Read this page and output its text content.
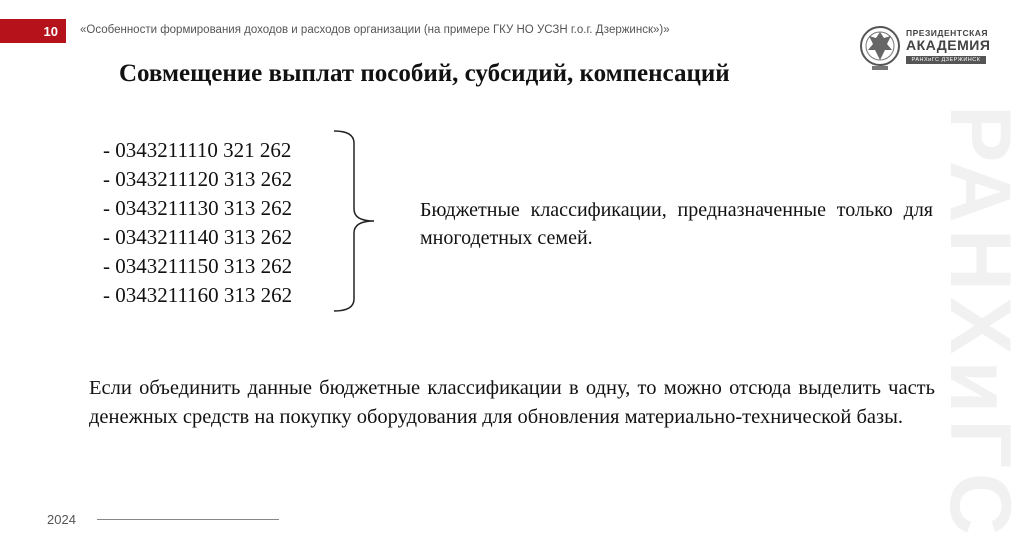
10 «Особенности формирования доходов и расходов организации (на примере ГКУ НО УСЗН г.о.г. Дзержинск»)»	ПРЕЗИДЕНТСКАЯ
АКАДЕМИЯ
РАНХиГС ДЗЕРЖИНСК
Совмещение выплат пособий, субсидий, компенсаций
- 0343211110 321 262
- 0343211120 313 262
- 0343211130 313 262
- 0343211140 313 262
- 0343211150 313 262
- 0343211160 313 262
Бюджетные классификации, предназначенные только для многодетных семей.
Если объединить данные бюджетные классификации в одну, то можно отсюда выделить часть денежных средств на покупку оборудования для обновления материально-технической базы.
2024	РАНХиГС
